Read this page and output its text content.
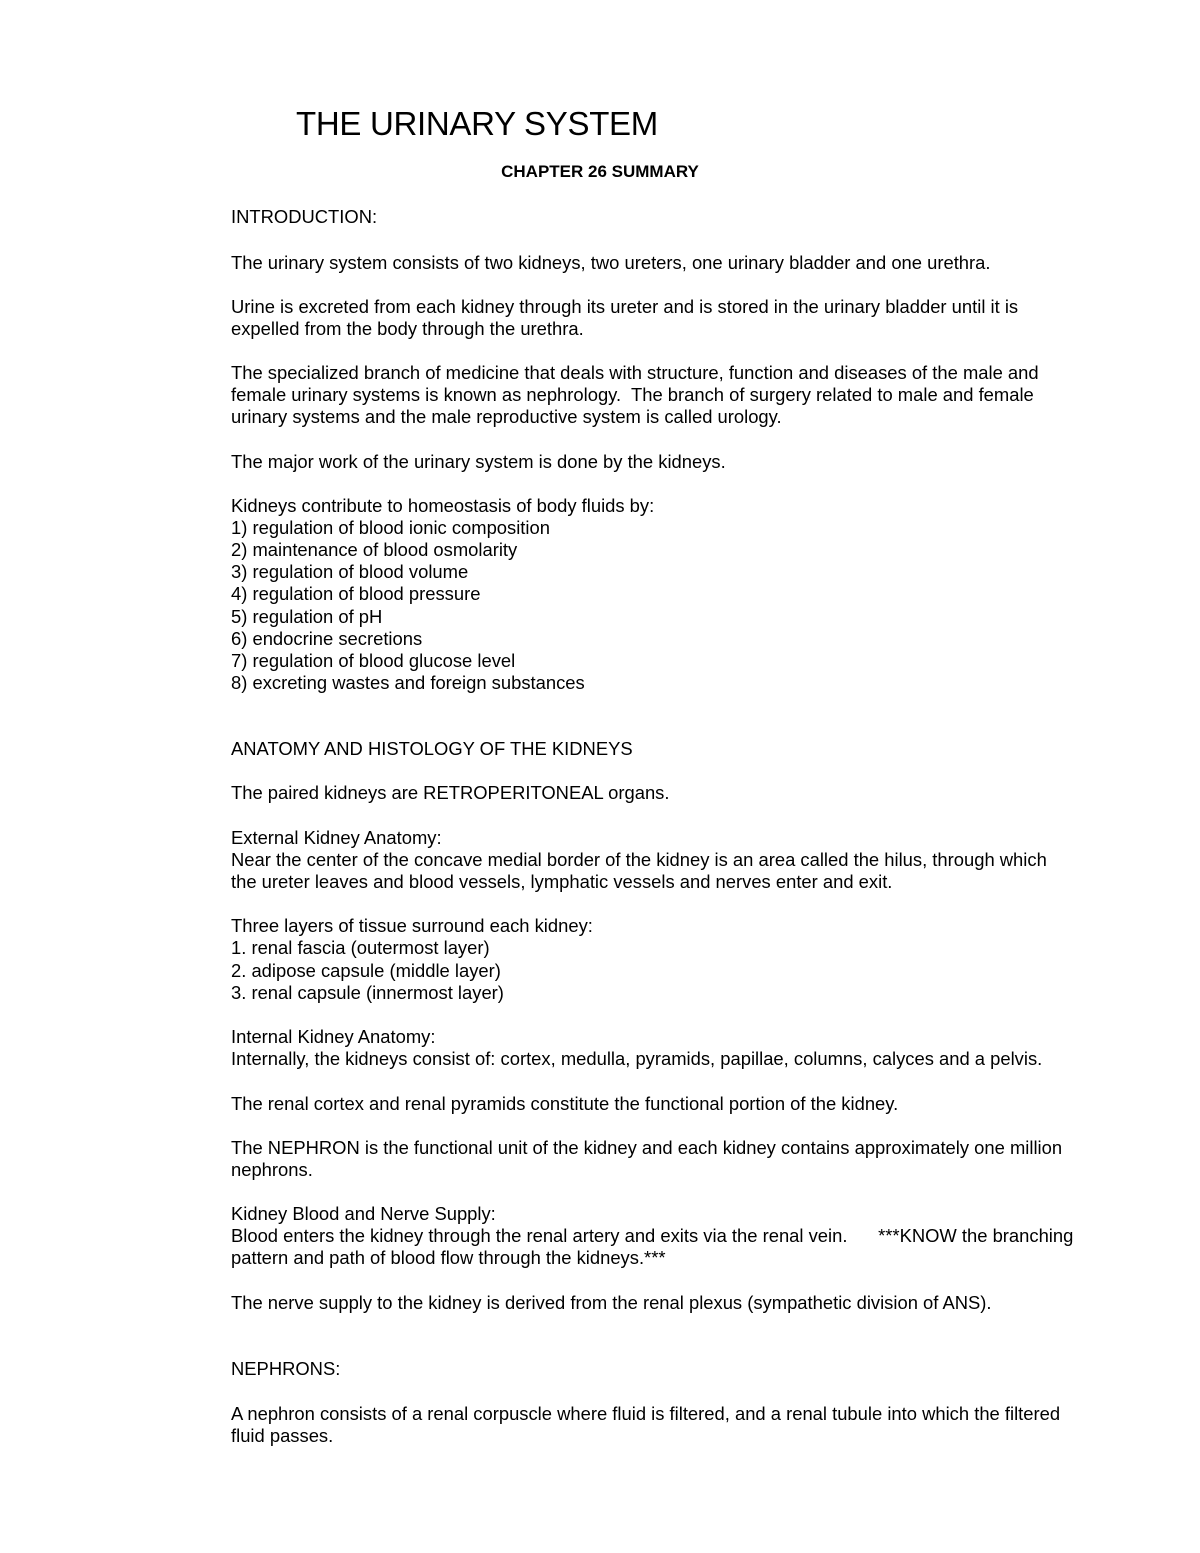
THE URINARY SYSTEM

CHAPTER 26 SUMMARY

INTRODUCTION:

The urinary system consists of two kidneys, two ureters, one urinary bladder and one urethra.

Urine is excreted from each kidney through its ureter and is stored in the urinary bladder until it is

expelled from the body through the urethra.

The specialized branch of medicine that deals with structure, function and diseases of the male and

female urinary systems is known as nephrology.  The branch of surgery related to male and female

urinary systems and the male reproductive system is called urology.

The major work of the urinary system is done by the kidneys.

Kidneys contribute to homeostasis of body fluids by:

1) regulation of blood ionic composition

2) maintenance of blood osmolarity

3) regulation of blood volume

4) regulation of blood pressure

5) regulation of pH

6) endocrine secretions

7) regulation of blood glucose level

8) excreting wastes and foreign substances

ANATOMY AND HISTOLOGY OF THE KIDNEYS

The paired kidneys are RETROPERITONEAL organs.

External Kidney Anatomy:

Near the center of the concave medial border of the kidney is an area called the hilus, through which

the ureter leaves and blood vessels, lymphatic vessels and nerves enter and exit.

Three layers of tissue surround each kidney:

1. renal fascia (outermost layer)

2. adipose capsule (middle layer)

3. renal capsule (innermost layer)

Internal Kidney Anatomy:

Internally, the kidneys consist of: cortex, medulla, pyramids, papillae, columns, calyces and a pelvis.

The renal cortex and renal pyramids constitute the functional portion of the kidney.

The NEPHRON is the functional unit of the kidney and each kidney contains approximately one million

nephrons.

Kidney Blood and Nerve Supply:

Blood enters the kidney through the renal artery and exits via the renal vein.      ***KNOW the branching

pattern and path of blood flow through the kidneys.***

The nerve supply to the kidney is derived from the renal plexus (sympathetic division of ANS).

NEPHRONS:

A nephron consists of a renal corpuscle where fluid is filtered, and a renal tubule into which the filtered

fluid passes.
